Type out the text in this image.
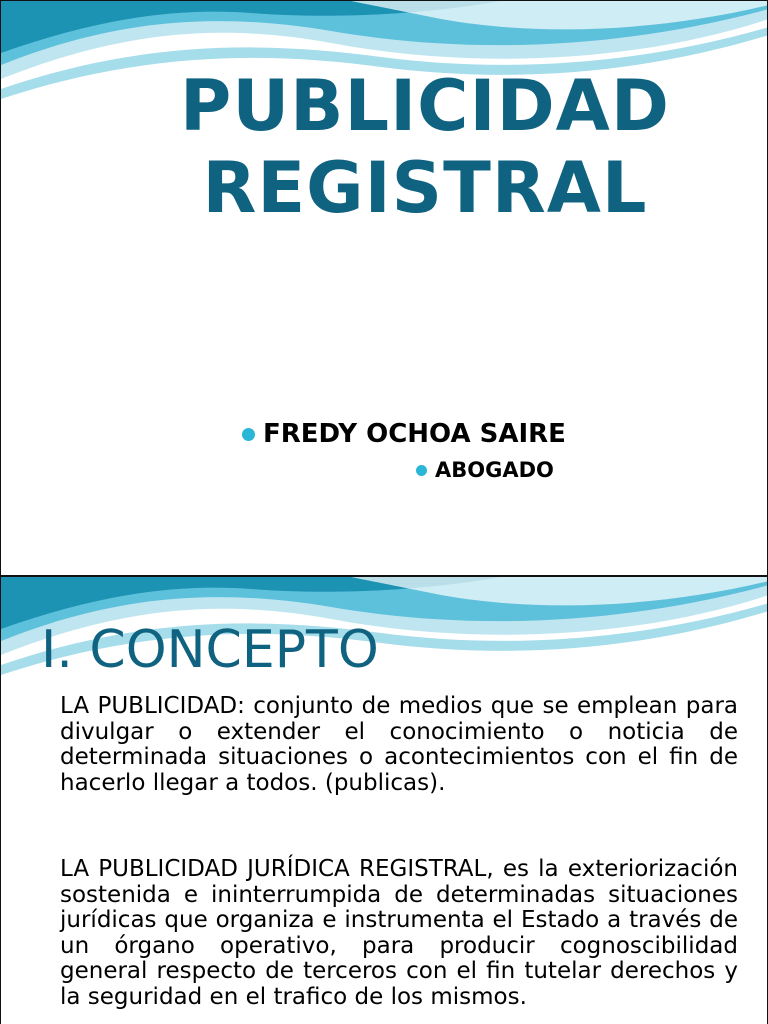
PUBLICIDAD
REGISTRAL
FREDY OCHOA SAIRE
ABOGADO
I. CONCEPTO
LA PUBLICIDAD: conjunto de medios que se emplean para divulgar o extender el conocimiento o noticia de determinada situaciones o acontecimientos con el fin de hacerlo llegar a todos. (publicas).
LA PUBLICIDAD JURÍDICA REGISTRAL, es la exteriorización sostenida e ininterrumpida de determinadas situaciones jurídicas que organiza e instrumenta el Estado a través de un órgano operativo, para producir cognoscibilidad general respecto de terceros con el fin tutelar derechos y la seguridad en el trafico de los mismos.
